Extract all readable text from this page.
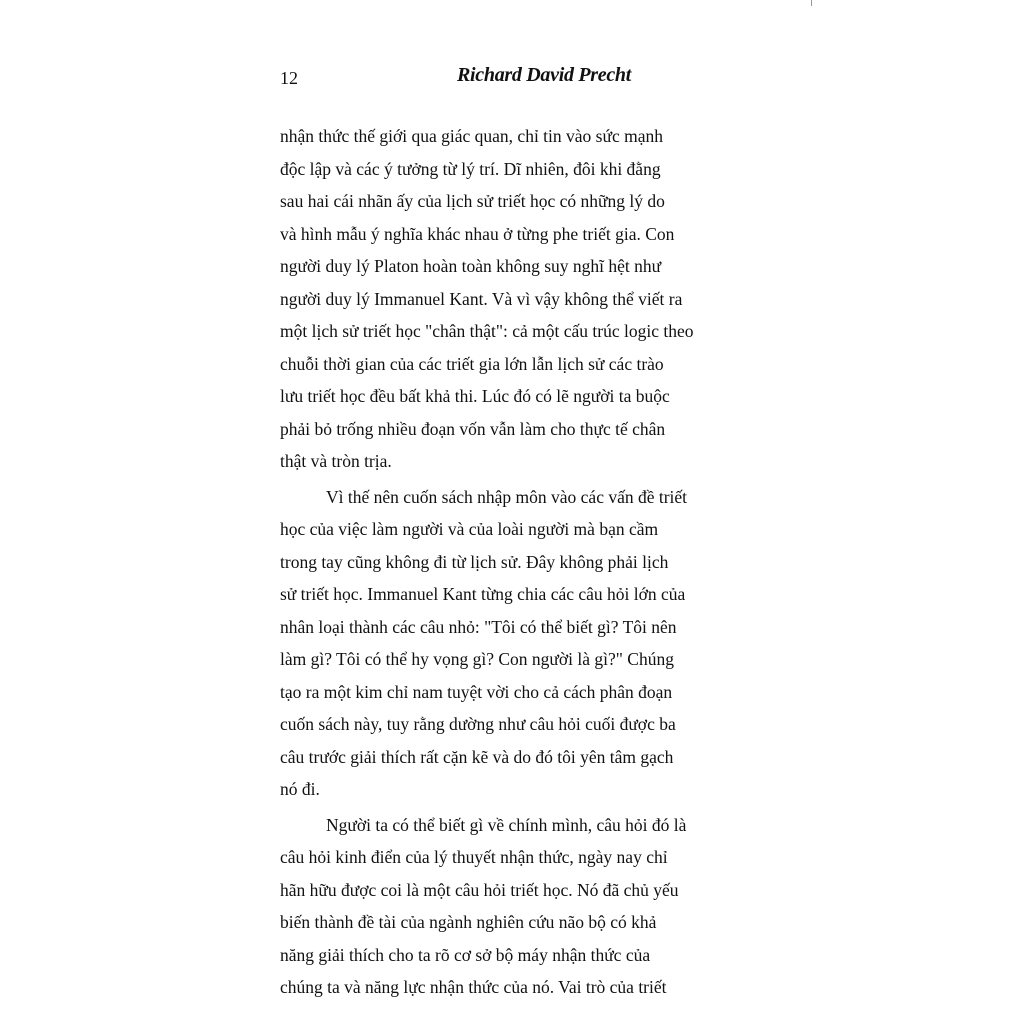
12	Richard David Precht
nhận thức thế giới qua giác quan, chỉ tin vào sức mạnh
độc lập và các ý tưởng từ lý trí. Dĩ nhiên, đôi khi đằng
sau hai cái nhãn ấy của lịch sử triết học có những lý do
và hình mẫu ý nghĩa khác nhau ở từng phe triết gia. Con
người duy lý Platon hoàn toàn không suy nghĩ hệt như
người duy lý Immanuel Kant. Và vì vậy không thể viết ra
một lịch sử triết học "chân thật": cả một cấu trúc logic theo
chuỗi thời gian của các triết gia lớn lẫn lịch sử các trào
lưu triết học đều bất khả thi. Lúc đó có lẽ người ta buộc
phải bỏ trống nhiều đoạn vốn vẫn làm cho thực tế chân
thật và tròn trịa.
Vì thế nên cuốn sách nhập môn vào các vấn đề triết
học của việc làm người và của loài người mà bạn cầm
trong tay cũng không đi từ lịch sử. Đây không phải lịch
sử triết học. Immanuel Kant từng chia các câu hỏi lớn của
nhân loại thành các câu nhỏ: "Tôi có thể biết gì? Tôi nên
làm gì? Tôi có thể hy vọng gì? Con người là gì?" Chúng
tạo ra một kim chỉ nam tuyệt vời cho cả cách phân đoạn
cuốn sách này, tuy rằng dường như câu hỏi cuối được ba
câu trước giải thích rất cặn kẽ và do đó tôi yên tâm gạch
nó đi.
Người ta có thể biết gì về chính mình, câu hỏi đó là
câu hỏi kinh điển của lý thuyết nhận thức, ngày nay chỉ
hãn hữu được coi là một câu hỏi triết học. Nó đã chủ yếu
biến thành đề tài của ngành nghiên cứu não bộ có khả
năng giải thích cho ta rõ cơ sở bộ máy nhận thức của
chúng ta và năng lực nhận thức của nó. Vai trò của triết
